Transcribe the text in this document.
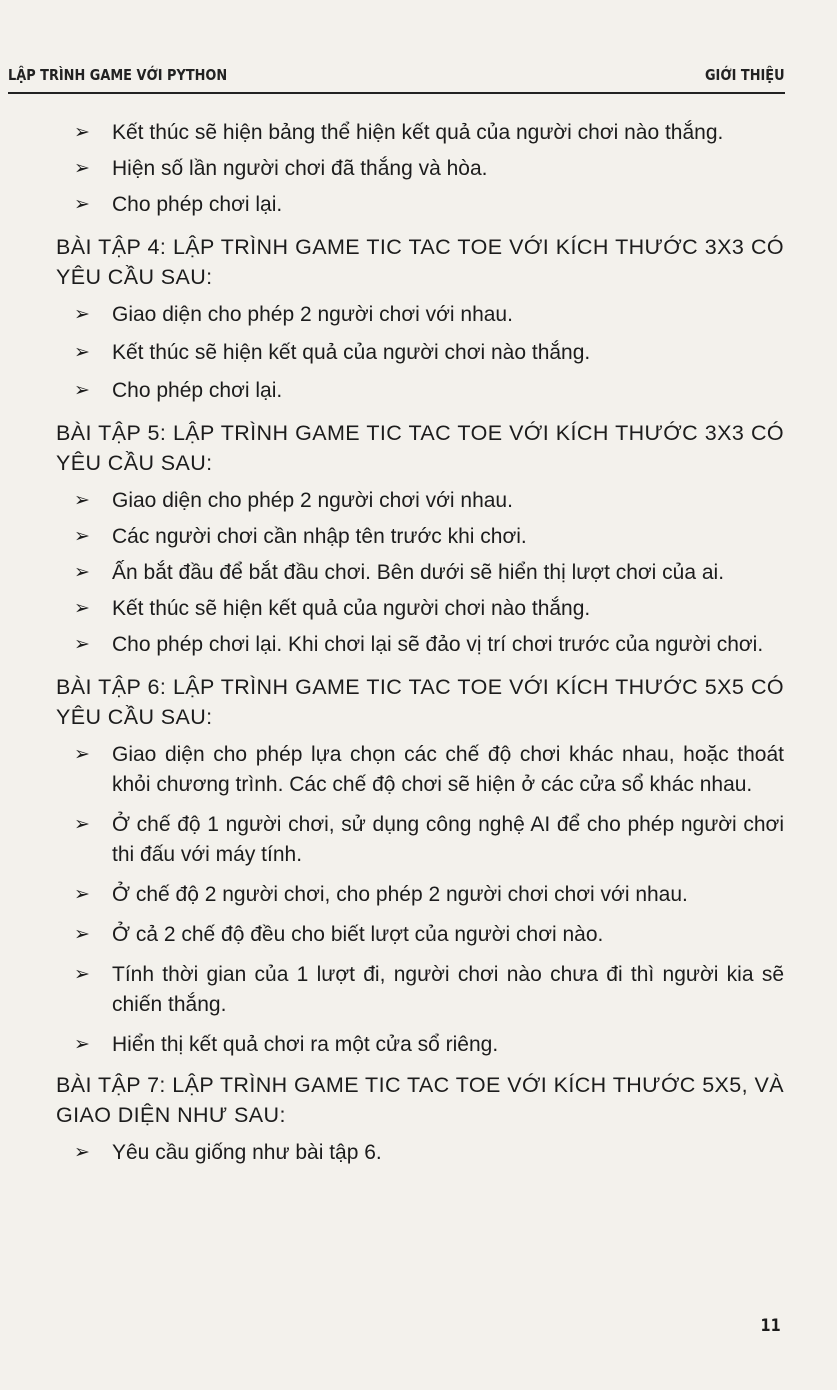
LẬP TRÌNH GAME VỚI PYTHON	GIỚI THIỆU

➢ Kết thúc sẽ hiện bảng thể hiện kết quả của người chơi nào thắng.

➢ Hiện số lần người chơi đã thắng và hòa.

➢ Cho phép chơi lại.

BÀI TẬP 4: LẬP TRÌNH GAME TIC TAC TOE VỚI KÍCH THƯỚC 3X3 CÓ YÊU CẦU SAU:

➢ Giao diện cho phép 2 người chơi với nhau.

➢ Kết thúc sẽ hiện kết quả của người chơi nào thắng.

➢ Cho phép chơi lại.

BÀI TẬP 5: LẬP TRÌNH GAME TIC TAC TOE VỚI KÍCH THƯỚC 3X3 CÓ YÊU CẦU SAU:

➢ Giao diện cho phép 2 người chơi với nhau.

➢ Các người chơi cần nhập tên trước khi chơi.

➢ Ấn bắt đầu để bắt đầu chơi. Bên dưới sẽ hiển thị lượt chơi của ai.

➢ Kết thúc sẽ hiện kết quả của người chơi nào thắng.

➢ Cho phép chơi lại. Khi chơi lại sẽ đảo vị trí chơi trước của người chơi.

BÀI TẬP 6: LẬP TRÌNH GAME TIC TAC TOE VỚI KÍCH THƯỚC 5X5 CÓ YÊU CẦU SAU:

➢ Giao diện cho phép lựa chọn các chế độ chơi khác nhau, hoặc thoát khỏi chương trình. Các chế độ chơi sẽ hiện ở các cửa sổ khác nhau.

➢ Ở chế độ 1 người chơi, sử dụng công nghệ AI để cho phép người chơi thi đấu với máy tính.

➢ Ở chế độ 2 người chơi, cho phép 2 người chơi chơi với nhau.

➢ Ở cả 2 chế độ đều cho biết lượt của người chơi nào.

➢ Tính thời gian của 1 lượt đi, người chơi nào chưa đi thì người kia sẽ chiến thắng.

➢ Hiển thị kết quả chơi ra một cửa sổ riêng.

BÀI TẬP 7: LẬP TRÌNH GAME TIC TAC TOE VỚI KÍCH THƯỚC 5X5, VÀ GIAO DIỆN NHƯ SAU:

➢ Yêu cầu giống như bài tập 6.

11
